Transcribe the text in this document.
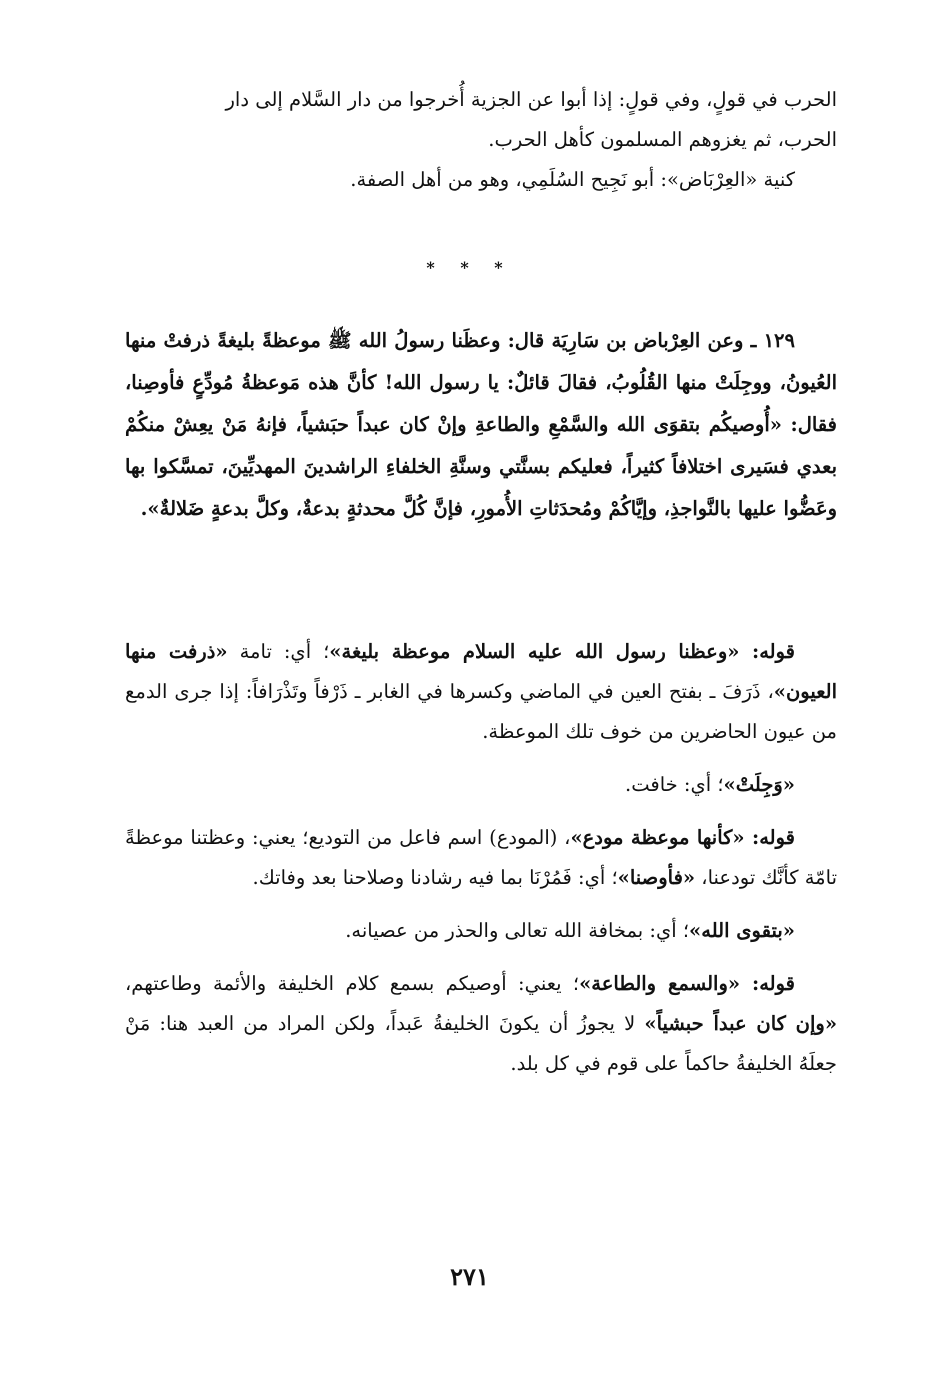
الحرب في قولٍ، وفي قولٍ: إذا أبوا عن الجزية أُخرجوا من دار السَّلام إلى دار

الحرب، ثم يغزوهم المسلمون كأهل الحرب.

كنية «العِرْبَاض»: أبو نَجِيح السُلَمِي، وهو من أهل الصفة.

* * *

١٢٩ ـ وعن العِرْباض بن سَارِيَة قال: وعظَنا رسولُ الله ﷺ موعظةً بليغةً ذرفتْ منها العُيونُ، ووجِلَتْ منها القُلُوبُ، فقالَ قائلٌ: يا رسول الله! كأنَّ هذه مَوعظةُ مُودِّعٍ فأوصِنا، فقال: «أُوصيكُم بتقوَى الله والسَّمْعِ والطاعةِ وإنْ كان عبداً حبَشياً، فإنهُ مَنْ يعِشْ منكُمْ بعدي فسَيرى اختلافاً كثيراً، فعليكم بسنَّتي وسنَّةِ الخلفاءِ الراشدينَ المهديِّينَ، تمسَّكوا بها وعَضُّوا عليها بالنَّواجذِ، وإيَّاكُمْ ومُحدَثاتِ الأُمورِ، فإنَّ كُلَّ محدثةٍ بدعةٌ، وكلَّ بدعةٍ ضَلالةٌ».

قوله: «وعظنا رسول الله عليه السلام موعظة بليغة»؛ أي: تامة «ذرفت منها العيون»، ذَرَفَ ـ بفتح العين في الماضي وكسرها في الغابر ـ ذَرْفاً وتَذْرَافاً: إذا جرى الدمع من عيون الحاضرين من خوف تلك الموعظة.

«وَجِلَتْ»؛ أي: خافت.

قوله: «كأنها موعظة مودع»، (المودع) اسم فاعل من التوديع؛ يعني: وعظتنا موعظةً تامّة كأنَّك تودعنا، «فأوصنا»؛ أي: فَمُرْنَا بما فيه رشادنا وصلاحنا بعد وفاتك.

«بتقوى الله»؛ أي: بمخافة الله تعالى والحذر من عصيانه.

قوله: «والسمع والطاعة»؛ يعني: أوصيكم بسمع كلام الخليفة والأئمة وطاعتهم، «وإن كان عبداً حبشياً» لا يجوزُ أن يكونَ الخليفةُ عَبداً، ولكن المراد من العبد هنا: مَنْ جعلَهُ الخليفةُ حاكماً على قوم في كل بلد.

٢٧١
